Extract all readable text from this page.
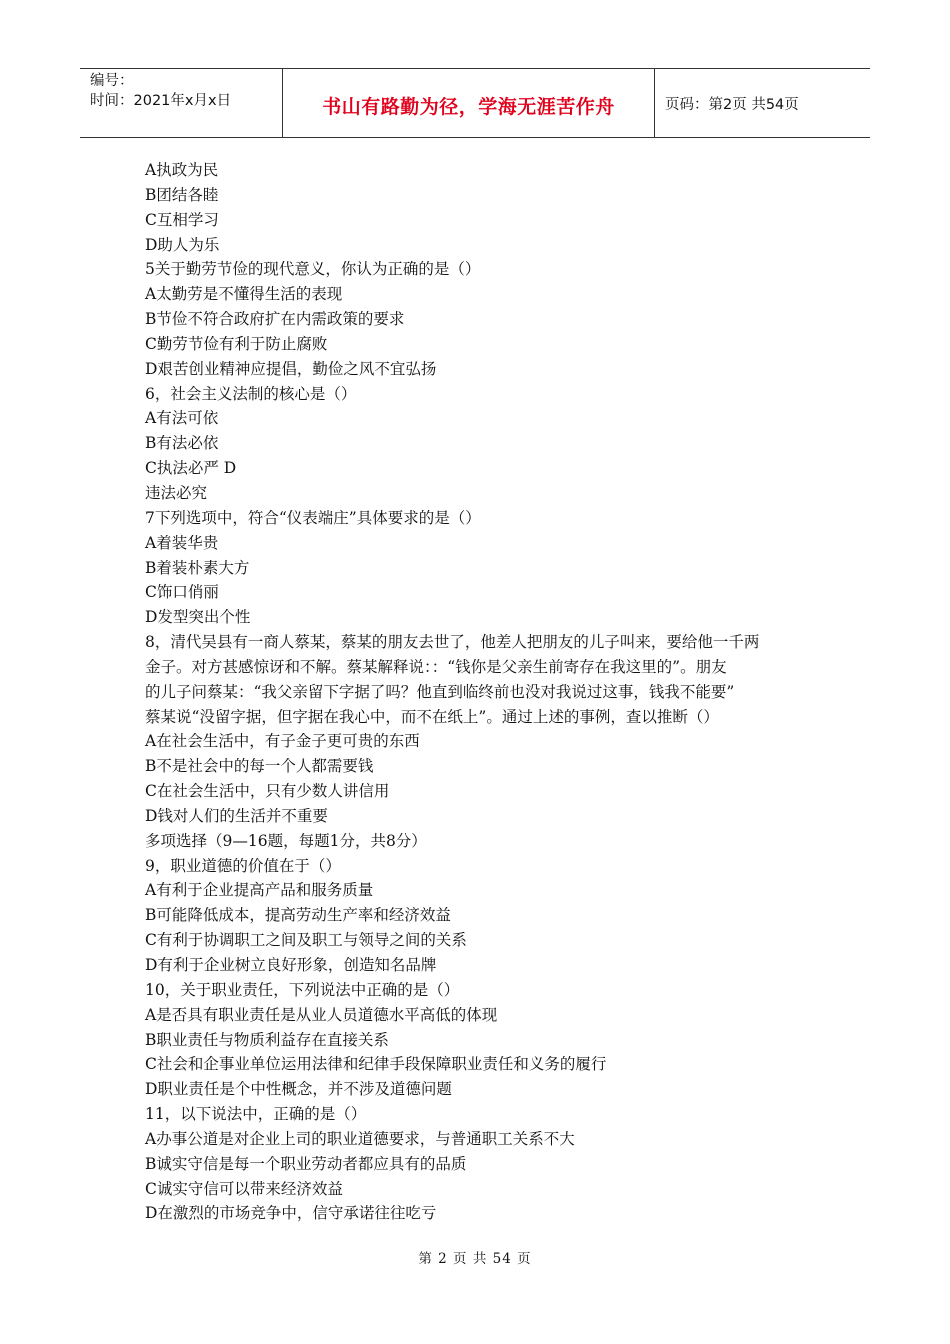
编号：
时间：2021年x月x日	书山有路勤为径，学海无涯苦作舟	页码：第2页 共54页
A执政为民
B团结各睦
C互相学习
D助人为乐
5关于勤劳节俭的现代意义，你认为正确的是（）
A太勤劳是不懂得生活的表现
B节俭不符合政府扩在内需政策的要求
C勤劳节俭有利于防止腐败
D艰苦创业精神应提倡，勤俭之风不宜弘扬
6，社会主义法制的核心是（）
A有法可依
B有法必依
C执法必严 D
违法必究
7下列选项中，符合“仪表端庄”具体要求的是（）
A着装华贵
B着装朴素大方
C饰口俏丽
D发型突出个性
8，清代吴县有一商人蔡某，蔡某的朋友去世了，他差人把朋友的儿子叫来，要给他一千两
金子。对方甚感惊讶和不解。蔡某解释说：：“钱你是父亲生前寄存在我这里的”。朋友
的儿子问蔡某：“我父亲留下字据了吗？他直到临终前也没对我说过这事，钱我不能要”
蔡某说“没留字据，但字据在我心中，而不在纸上”。通过上述的事例，查以推断（）
A在社会生活中，有子金子更可贵的东西
B不是社会中的每一个人都需要钱
C在社会生活中，只有少数人讲信用
D钱对人们的生活并不重要
多项选择（9—16题，每题1分，共8分）
9，职业道德的价值在于（）
A有利于企业提高产品和服务质量
B可能降低成本，提高劳动生产率和经济效益
C有利于协调职工之间及职工与领导之间的关系
D有利于企业树立良好形象，创造知名品牌
10，关于职业责任，下列说法中正确的是（）
A是否具有职业责任是从业人员道德水平高低的体现
B职业责任与物质利益存在直接关系
C社会和企事业单位运用法律和纪律手段保障职业责任和义务的履行
D职业责任是个中性概念，并不涉及道德问题
11，以下说法中，正确的是（）
A办事公道是对企业上司的职业道德要求，与普通职工关系不大
B诚实守信是每一个职业劳动者都应具有的品质
C诚实守信可以带来经济效益
D在激烈的市场竞争中，信守承诺往往吃亏
第 2 页 共 54 页
